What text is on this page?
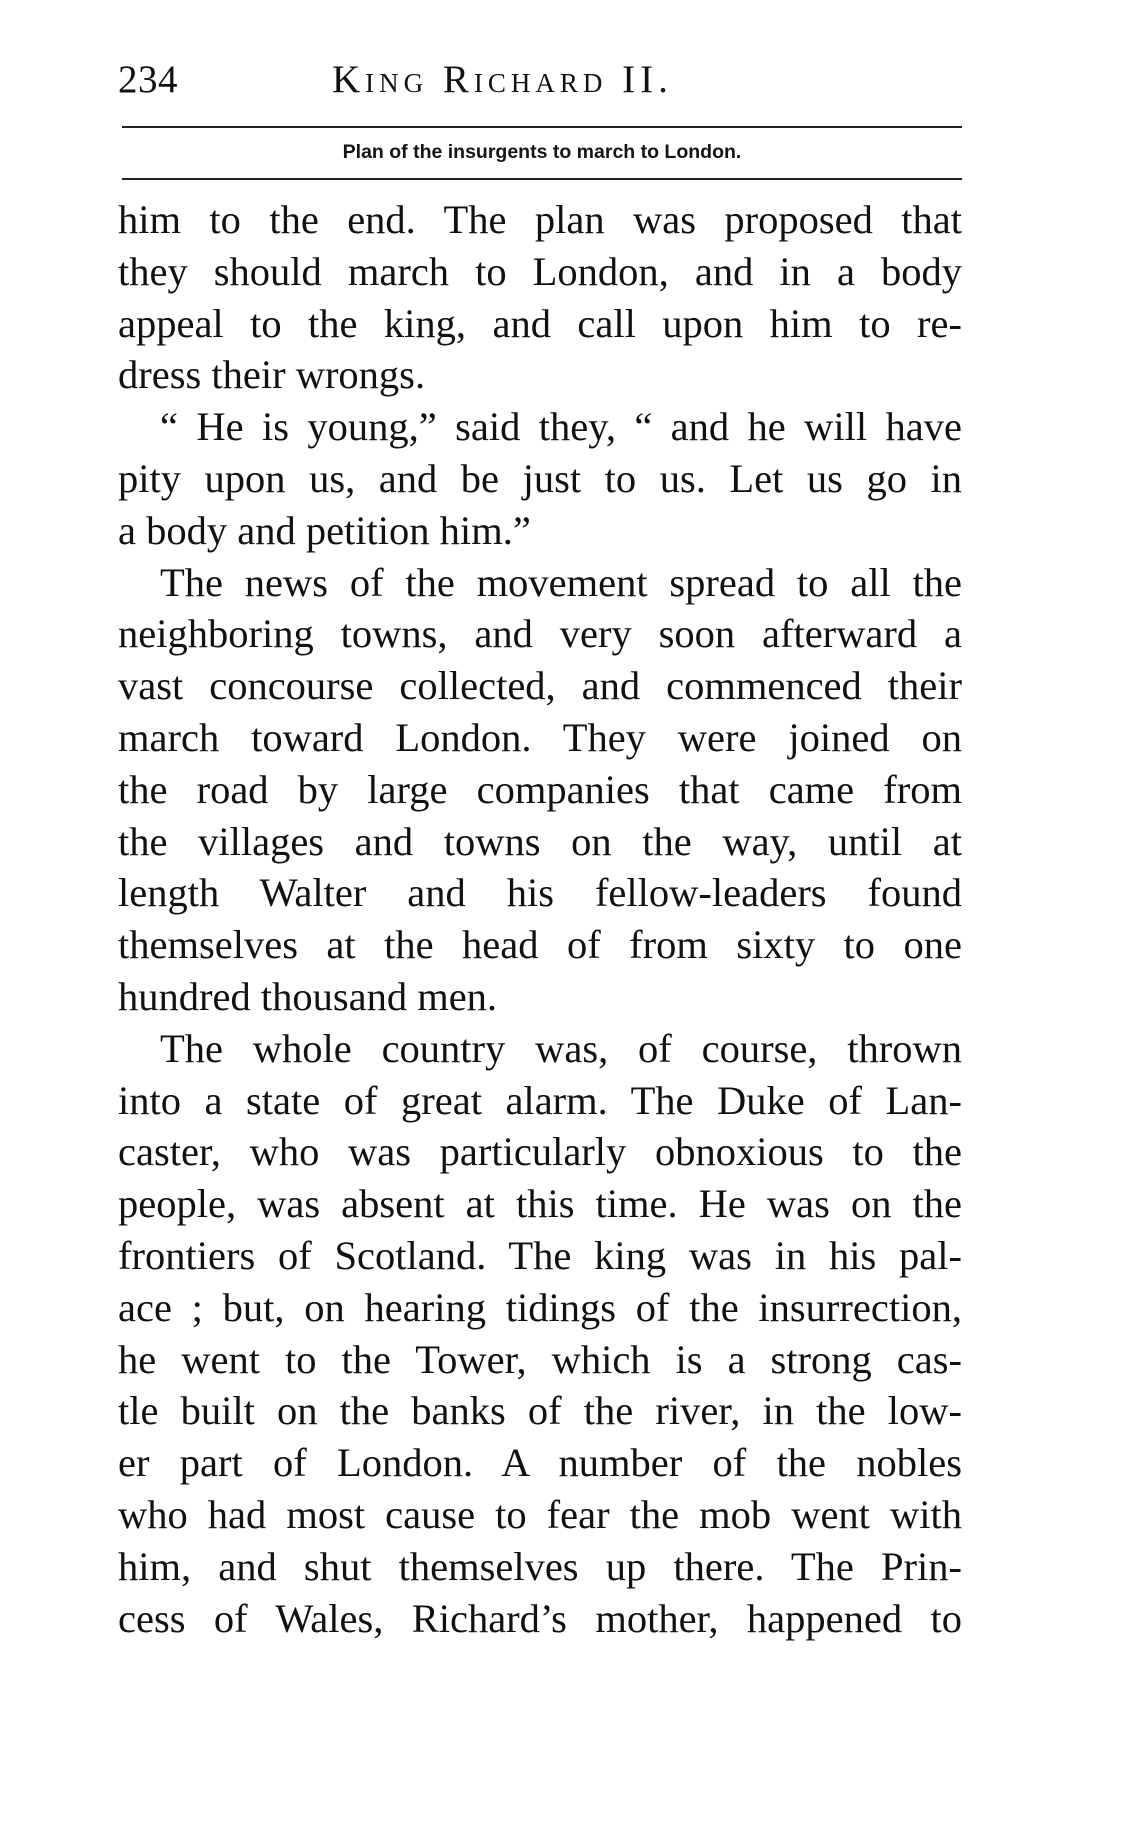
234	King Richard II.
Plan of the insurgents to march to London.
him to the end. The plan was proposed that
they should march to London, and in a body
appeal to the king, and call upon him to re-
dress their wrongs.
“ He is young,” said they, “ and he will have
pity upon us, and be just to us. Let us go in
a body and petition him.”
The news of the movement spread to all the
neighboring towns, and very soon afterward a
vast concourse collected, and commenced their
march toward London. They were joined on
the road by large companies that came from
the villages and towns on the way, until at
length Walter and his fellow-leaders found
themselves at the head of from sixty to one
hundred thousand men.
The whole country was, of course, thrown
into a state of great alarm. The Duke of Lan-
caster, who was particularly obnoxious to the
people, was absent at this time. He was on the
frontiers of Scotland. The king was in his pal-
ace ; but, on hearing tidings of the insurrection,
he went to the Tower, which is a strong cas-
tle built on the banks of the river, in the low-
er part of London. A number of the nobles
who had most cause to fear the mob went with
him, and shut themselves up there. The Prin-
cess of Wales, Richard’s mother, happened to
